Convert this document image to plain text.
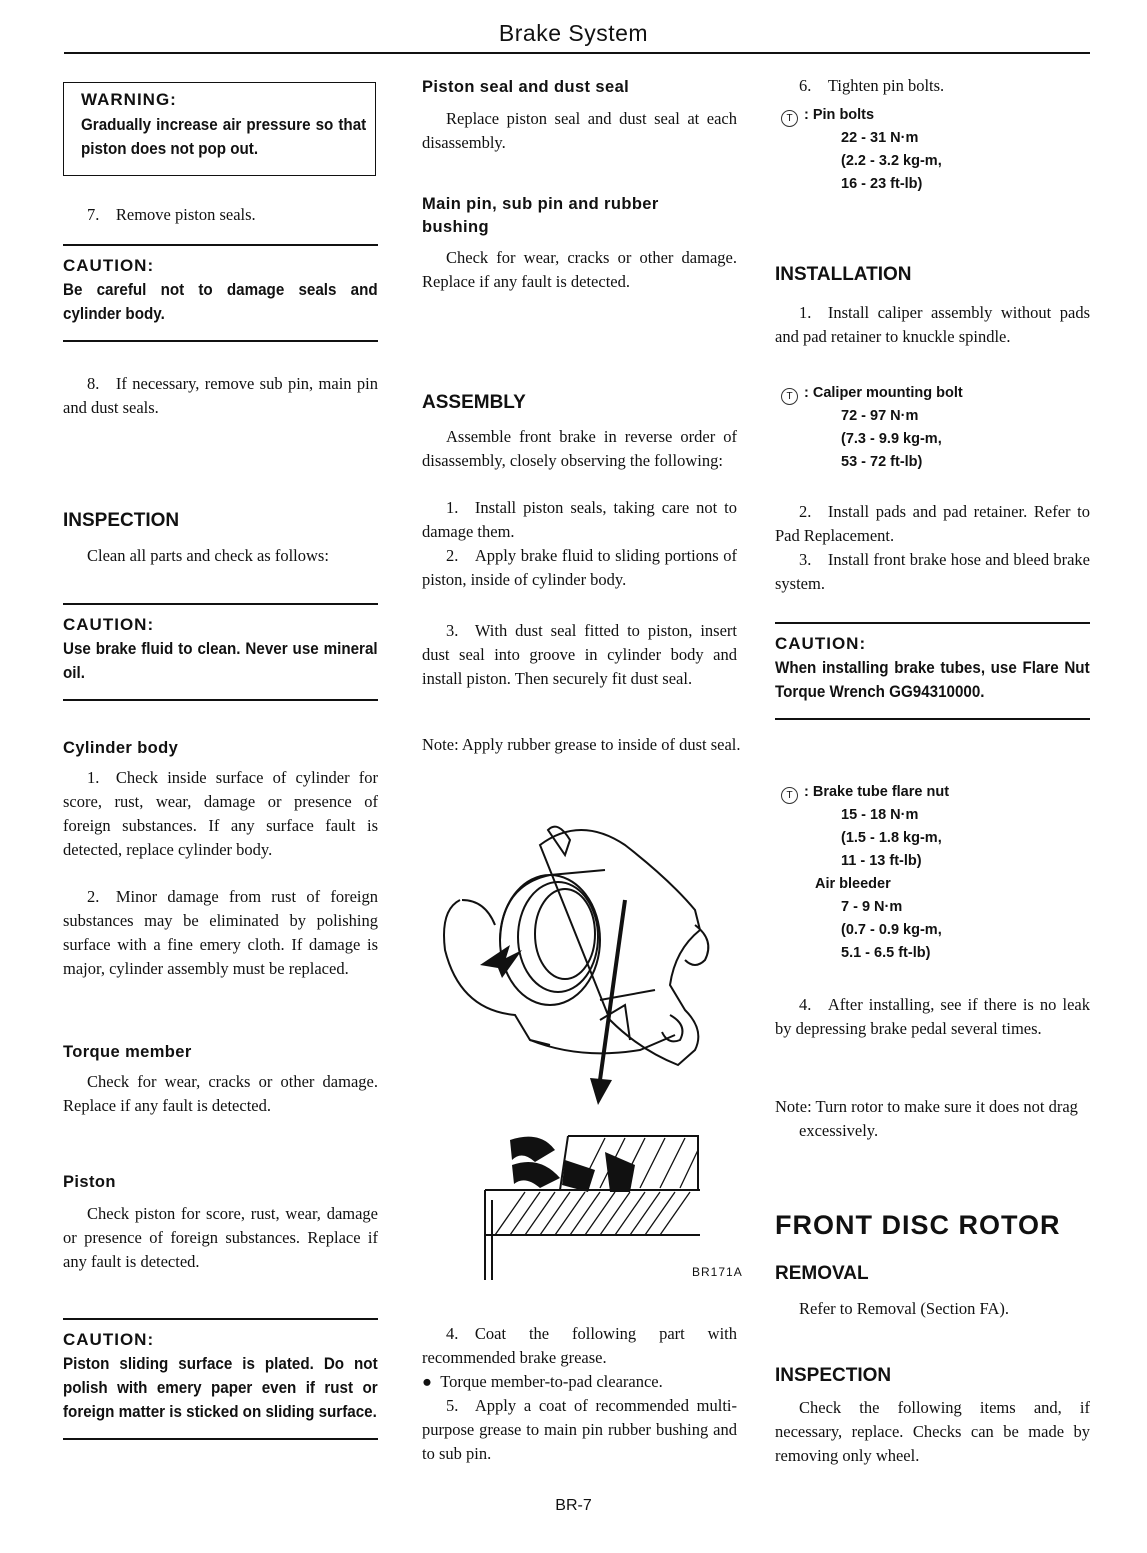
Brake System

WARNING:

Gradually increase air pressure so that piston does not pop out.

7. Remove piston seals.

CAUTION:

Be careful not to damage seals and cylinder body.

8. If necessary, remove sub pin, main pin and dust seals.

INSPECTION

Clean all parts and check as follows:

CAUTION:

Use brake fluid to clean. Never use mineral oil.

Cylinder body

1. Check inside surface of cylinder for score, rust, wear, damage or presence of foreign substances. If any surface fault is detected, replace cylinder body.

2. Minor damage from rust of foreign substances may be eliminated by polishing surface with a fine emery cloth. If damage is major, cylinder assembly must be replaced.

Torque member

Check for wear, cracks or other damage. Replace if any fault is detected.

Piston

Check piston for score, rust, wear, damage or presence of foreign substances. Replace if any fault is detected.

CAUTION:

Piston sliding surface is plated. Do not polish with emery paper even if rust or foreign matter is sticked on sliding surface.

Piston seal and dust seal

Replace piston seal and dust seal at each disassembly.

Main pin, sub pin and rubber bushing

Check for wear, cracks or other damage. Replace if any fault is detected.

ASSEMBLY

Assemble front brake in reverse order of disassembly, closely observing the following:

1. Install piston seals, taking care not to damage them.

2. Apply brake fluid to sliding portions of piston, inside of cylinder body.

3. With dust seal fitted to piston, insert dust seal into groove in cylinder body and install piston. Then securely fit dust seal.

Note: Apply rubber grease to inside of dust seal.

4. Coat the following part with recommended brake grease.

● Torque member-to-pad clearance.

5. Apply a coat of recommended multi-purpose grease to main pin rubber bushing and to sub pin.

BR171A

6. Tighten pin bolts.

T : Pin bolts
22 - 31 N·m
(2.2 - 3.2 kg-m,
16 - 23 ft-lb)

INSTALLATION

1. Install caliper assembly without pads and pad retainer to knuckle spindle.

T : Caliper mounting bolt
72 - 97 N·m
(7.3 - 9.9 kg-m,
53 - 72 ft-lb)

2. Install pads and pad retainer. Refer to Pad Replacement.

3. Install front brake hose and bleed brake system.

CAUTION:

When installing brake tubes, use Flare Nut Torque Wrench GG94310000.

T : Brake tube flare nut
15 - 18 N·m
(1.5 - 1.8 kg-m,
11 - 13 ft-lb)
Air bleeder
7 - 9 N·m
(0.7 - 0.9 kg-m,
5.1 - 6.5 ft-lb)

4. After installing, see if there is no leak by depressing brake pedal several times.

Note: Turn rotor to make sure it does not drag excessively.

FRONT DISC ROTOR

REMOVAL

Refer to Removal (Section FA).

INSPECTION

Check the following items and, if necessary, replace. Checks can be made by removing only wheel.

BR-7
